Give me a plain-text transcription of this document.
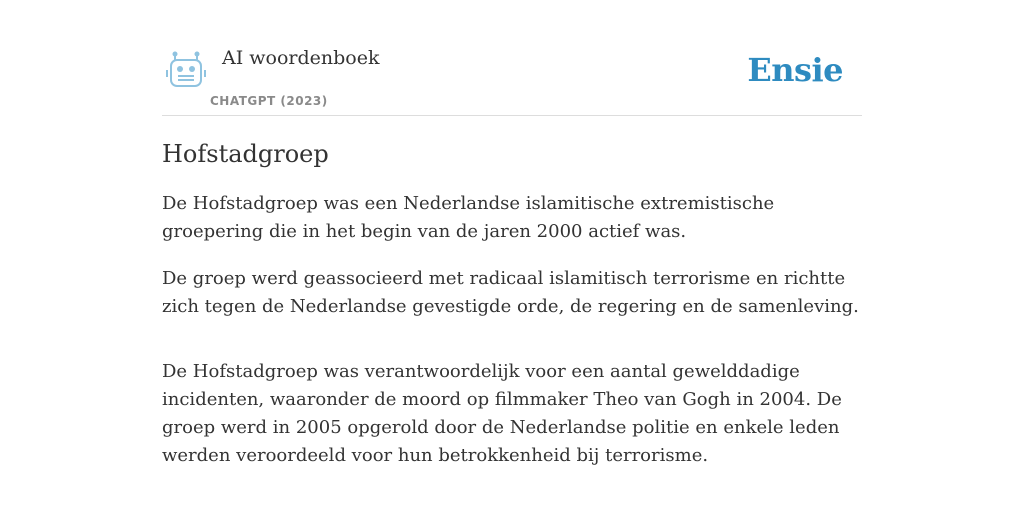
AI woordenboek
CHATGPT (2023)
Ensie
Hofstadgroep

De Hofstadgroep was een Nederlandse islamitische extremistische groepering die in het begin van de jaren 2000 actief was.

De groep werd geassocieerd met radicaal islamitisch terrorisme en richtte zich tegen de Nederlandse gevestigde orde, de regering en de samenleving.

De Hofstadgroep was verantwoordelijk voor een aantal gewelddadige incidenten, waaronder de moord op filmmaker Theo van Gogh in 2004. De groep werd in 2005 opgerold door de Nederlandse politie en enkele leden werden veroordeeld voor hun betrokkenheid bij terrorisme.
